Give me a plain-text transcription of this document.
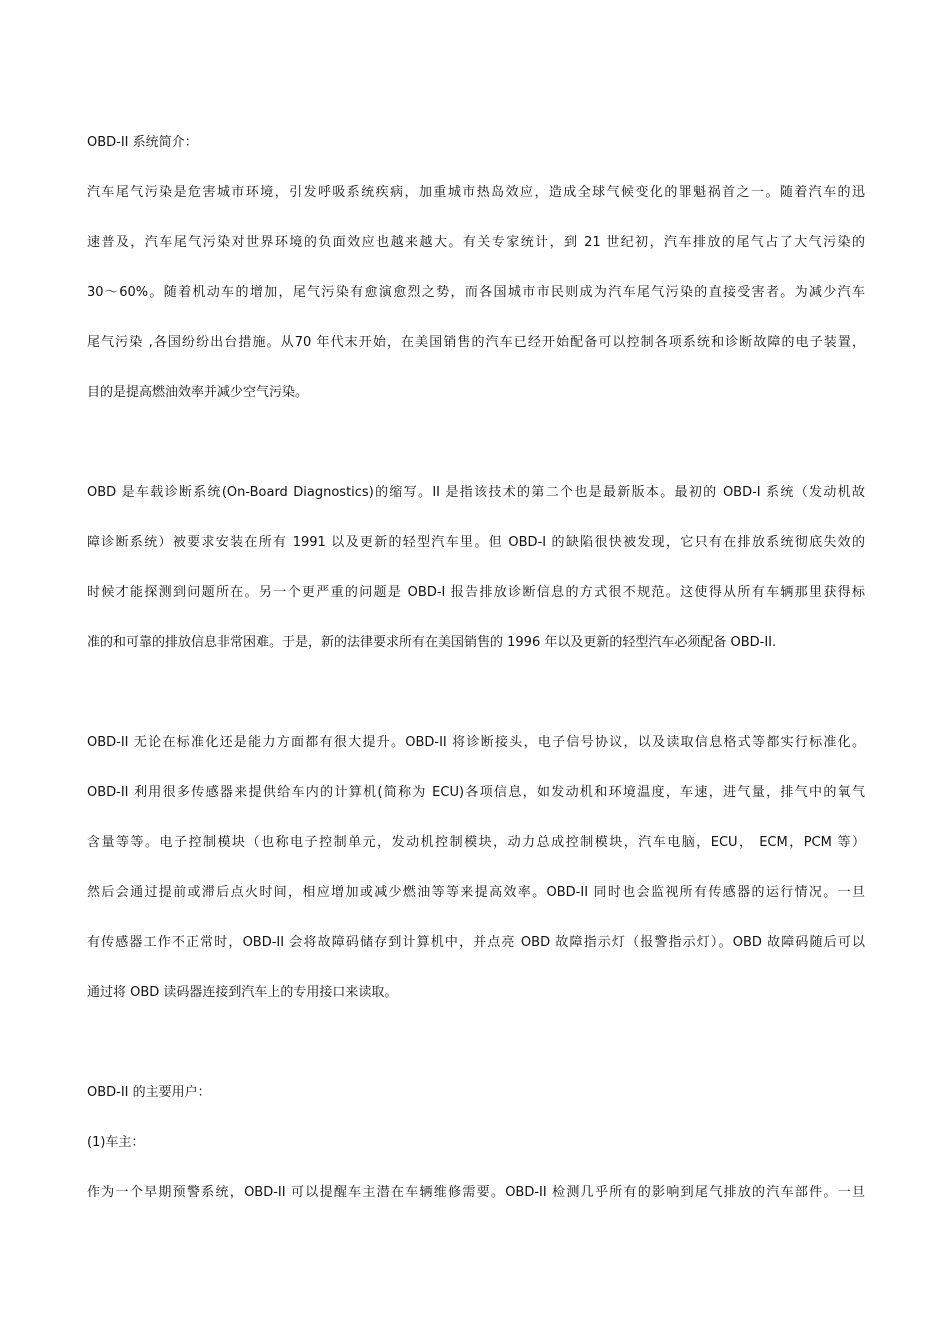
OBD-II 系统简介：
汽车尾气污染是危害城市环境，引发呼吸系统疾病，加重城市热岛效应，造成全球气候变化的罪魁祸首之一。随着汽车的迅
速普及，汽车尾气污染对世界环境的负面效应也越来越大。有关专家统计，到 21 世纪初，汽车排放的尾气占了大气污染的
30～60%。随着机动车的增加，尾气污染有愈演愈烈之势，而各国城市市民则成为汽车尾气污染的直接受害者。为减少汽车
尾气污染 ,各国纷纷出台措施。从70 年代末开始，在美国销售的汽车已经开始配备可以控制各项系统和诊断故障的电子装置，
目的是提高燃油效率并减少空气污染。
OBD 是车载诊断系统(On-Board Diagnostics)的缩写。II 是指该技术的第二个也是最新版本。最初的 OBD-I 系统（发动机故
障诊断系统）被要求安装在所有 1991 以及更新的轻型汽车里。但 OBD-I 的缺陷很快被发现，它只有在排放系统彻底失效的
时候才能探测到问题所在。另一个更严重的问题是 OBD-I 报告排放诊断信息的方式很不规范。这使得从所有车辆那里获得标
准的和可靠的排放信息非常困难。于是，新的法律要求所有在美国销售的 1996 年以及更新的轻型汽车必须配备 OBD-II.
OBD-II 无论在标准化还是能力方面都有很大提升。OBD-II 将诊断接头，电子信号协议，以及读取信息格式等都实行标准化。
OBD-II 利用很多传感器来提供给车内的计算机(简称为 ECU)各项信息，如发动机和环境温度，车速，进气量，排气中的氧气
含量等等。电子控制模块（也称电子控制单元，发动机控制模块，动力总成控制模块，汽车电脑，ECU， ECM，PCM 等）
然后会通过提前或滞后点火时间，相应增加或减少燃油等等来提高效率。OBD-II 同时也会监视所有传感器的运行情况。一旦
有传感器工作不正常时，OBD-II 会将故障码储存到计算机中，并点亮 OBD 故障指示灯（报警指示灯）。OBD 故障码随后可以
通过将 OBD 读码器连接到汽车上的专用接口来读取。
OBD-II 的主要用户：
(1)车主：
作为一个早期预警系统，OBD-II 可以提醒车主潜在车辆维修需要。OBD-II 检测几乎所有的影响到尾气排放的汽车部件。一旦
